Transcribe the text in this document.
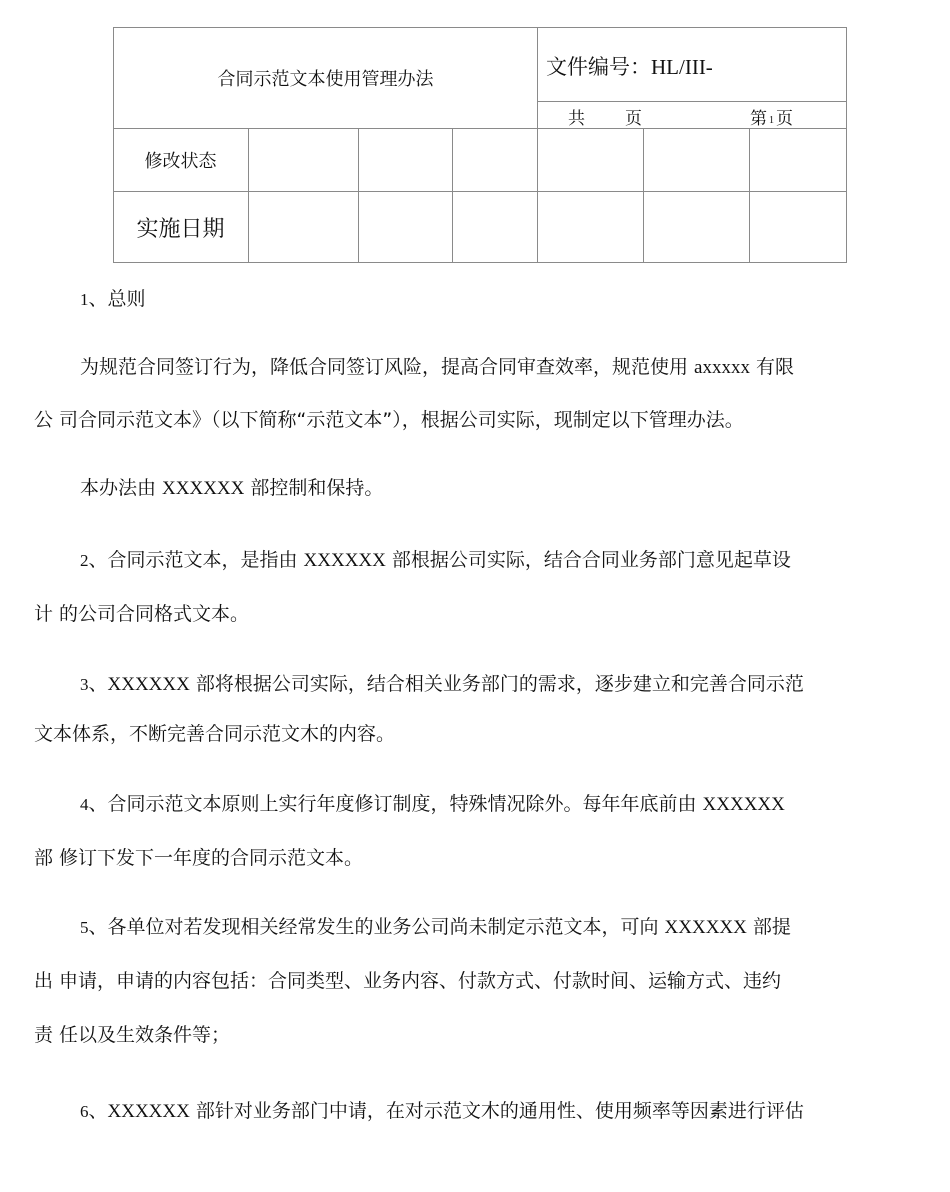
合同示范文本使用管理办法
文件编号：HL/III-
共 页	第 1 页
修改状态
实施日期
1、总则
为规范合同签订行为，降低合同签订风险，提高合同审查效率，规范使用 axxxxx 有限
公 司合同示范文本》（以下简称“示范文本”），根据公司实际，现制定以下管理办法。
本办法由 XXXXXX 部控制和保持。
2、合同示范文本，是指由 XXXXXX 部根据公司实际，结合合同业务部门意见起草设
计 的公司合同格式文本。
3、XXXXXX 部将根据公司实际，结合相关业务部门的需求，逐步建立和完善合同示范
文本体系，不断完善合同示范文木的内容。
4、合同示范文本原则上实行年度修订制度，特殊情况除外。每年年底前由 XXXXXX
部 修订下发下一年度的合同示范文本。
5、各单位对若发现相关经常发生的业务公司尚未制定示范文本，可向 XXXXXX 部提
出 申请，申请的内容包括：合同类型、业务内容、付款方式、付款时间、运输方式、违约
责 任以及生效条件等；
6、XXXXXX 部针对业务部门中请，在对示范文木的通用性、使用频率等因素进行评估
